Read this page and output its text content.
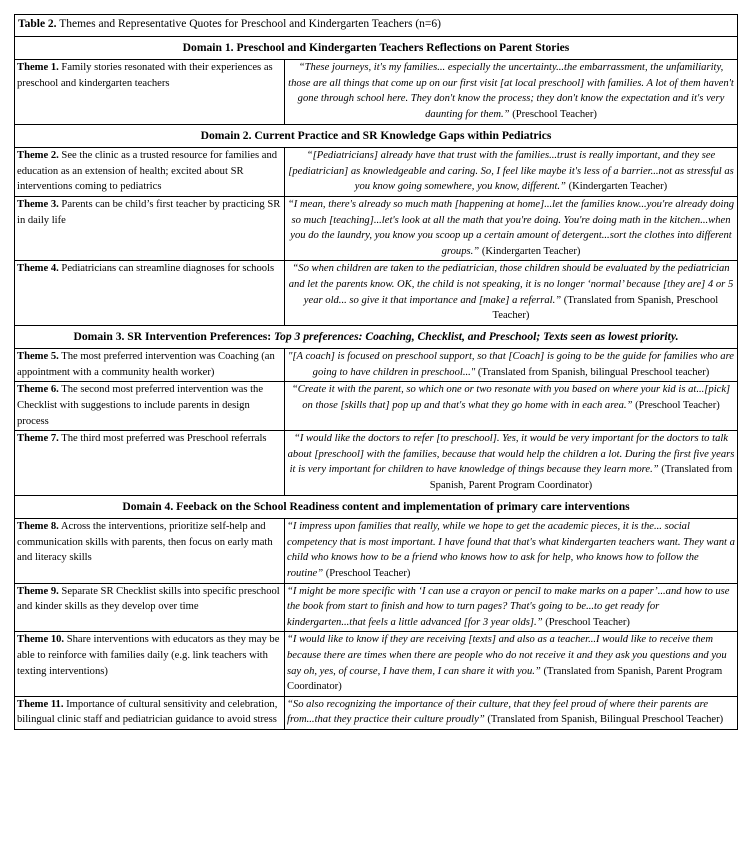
Table 2. Themes and Representative Quotes for Preschool and Kindergarten Teachers (n=6)	
Domain 1. Preschool and Kindergarten Teachers Reflections on Parent Stories	
Theme 1. Family stories resonated with their experiences as preschool and kindergarten teachers	“These journeys, it's my families... especially the uncertainty...the embarrassment, the unfamiliarity, those are all things that come up on our first visit [at local preschool] with families. A lot of them haven't gone through school here. They don't know the process; they don't know the expectation and it's very daunting for them.” (Preschool Teacher)
Domain 2. Current Practice and SR Knowledge Gaps within Pediatrics	
Theme 2. See the clinic as a trusted resource for families and education as an extension of health; excited about SR interventions coming to pediatrics	“[Pediatricians] already have that trust with the families...trust is really important, and they see [pediatrician] as knowledgeable and caring. So, I feel like maybe it's less of a barrier...not as stressful as you know going somewhere, you know, different.” (Kindergarten Teacher)
Theme 3. Parents can be child’s first teacher by practicing SR in daily life	“I mean, there's already so much math [happening at home]...let the families know...you're already doing so much [teaching]...let's look at all the math that you're doing. You're doing math in the kitchen...when you do the laundry, you know you scoop up a certain amount of detergent...sort the clothes into different groups.” (Kindergarten Teacher)
Theme 4. Pediatricians can streamline diagnoses for schools	“So when children are taken to the pediatrician, those children should be evaluated by the pediatrician and let the parents know. OK, the child is not speaking, it is no longer ‘normal’ because [they are] 4 or 5 year old... so give it that importance and [make] a referral.” (Translated from Spanish, Preschool Teacher)
Domain 3. SR Intervention Preferences: Top 3 preferences: Coaching, Checklist, and Preschool; Texts seen as lowest priority.	
Theme 5. The most preferred intervention was Coaching (an appointment with a community health worker)	"[A coach] is focused on preschool support, so that [Coach] is going to be the guide for families who are going to have children in preschool..." (Translated from Spanish, bilingual Preschool teacher)
Theme 6. The second most preferred intervention was the Checklist with suggestions to include parents in design process	“Create it with the parent, so which one or two resonate with you based on where your kid is at...[pick] on those [skills that] pop up and that's what they go home with in each area.” (Preschool Teacher)
Theme 7. The third most preferred was Preschool referrals	“I would like the doctors to refer [to preschool]. Yes, it would be very important for the doctors to talk about [preschool] with the families, because that would help the children a lot. During the first five years it is very important for children to have knowledge of things because they learn more.” (Translated from Spanish, Parent Program Coordinator)
Domain 4. Feeback on the School Readiness content and implementation of primary care interventions	
Theme 8. Across the interventions, prioritize self-help and communication skills with parents, then focus on early math and literacy skills	“I impress upon families that really, while we hope to get the academic pieces, it is the... social competency that is most important. I have found that that's what kindergarten teachers want. They want a child who knows how to be a friend who knows how to ask for help, who knows how to follow the routine” (Preschool Teacher)
Theme 9. Separate SR Checklist skills into specific preschool and kinder skills as they develop over time	“I might be more specific with ‘I can use a crayon or pencil to make marks on a paper’...and how to use the book from start to finish and how to turn pages? That's going to be...to get ready for kindergarten...that feels a little advanced [for 3 year olds].” (Preschool Teacher)
Theme 10. Share interventions with educators as they may be able to reinforce with families daily (e.g. link teachers with texting interventions)	“I would like to know if they are receiving [texts] and also as a teacher...I would like to receive them because there are times when there are people who do not receive it and they ask you questions and you say oh, yes, of course, I have them, I can share it with you.” (Translated from Spanish, Parent Program Coordinator)
Theme 11. Importance of cultural sensitivity and celebration, bilingual clinic staff and pediatrician guidance to avoid stress	“So also recognizing the importance of their culture, that they feel proud of where their parents are from...that they practice their culture proudly” (Translated from Spanish, Bilingual Preschool Teacher)
